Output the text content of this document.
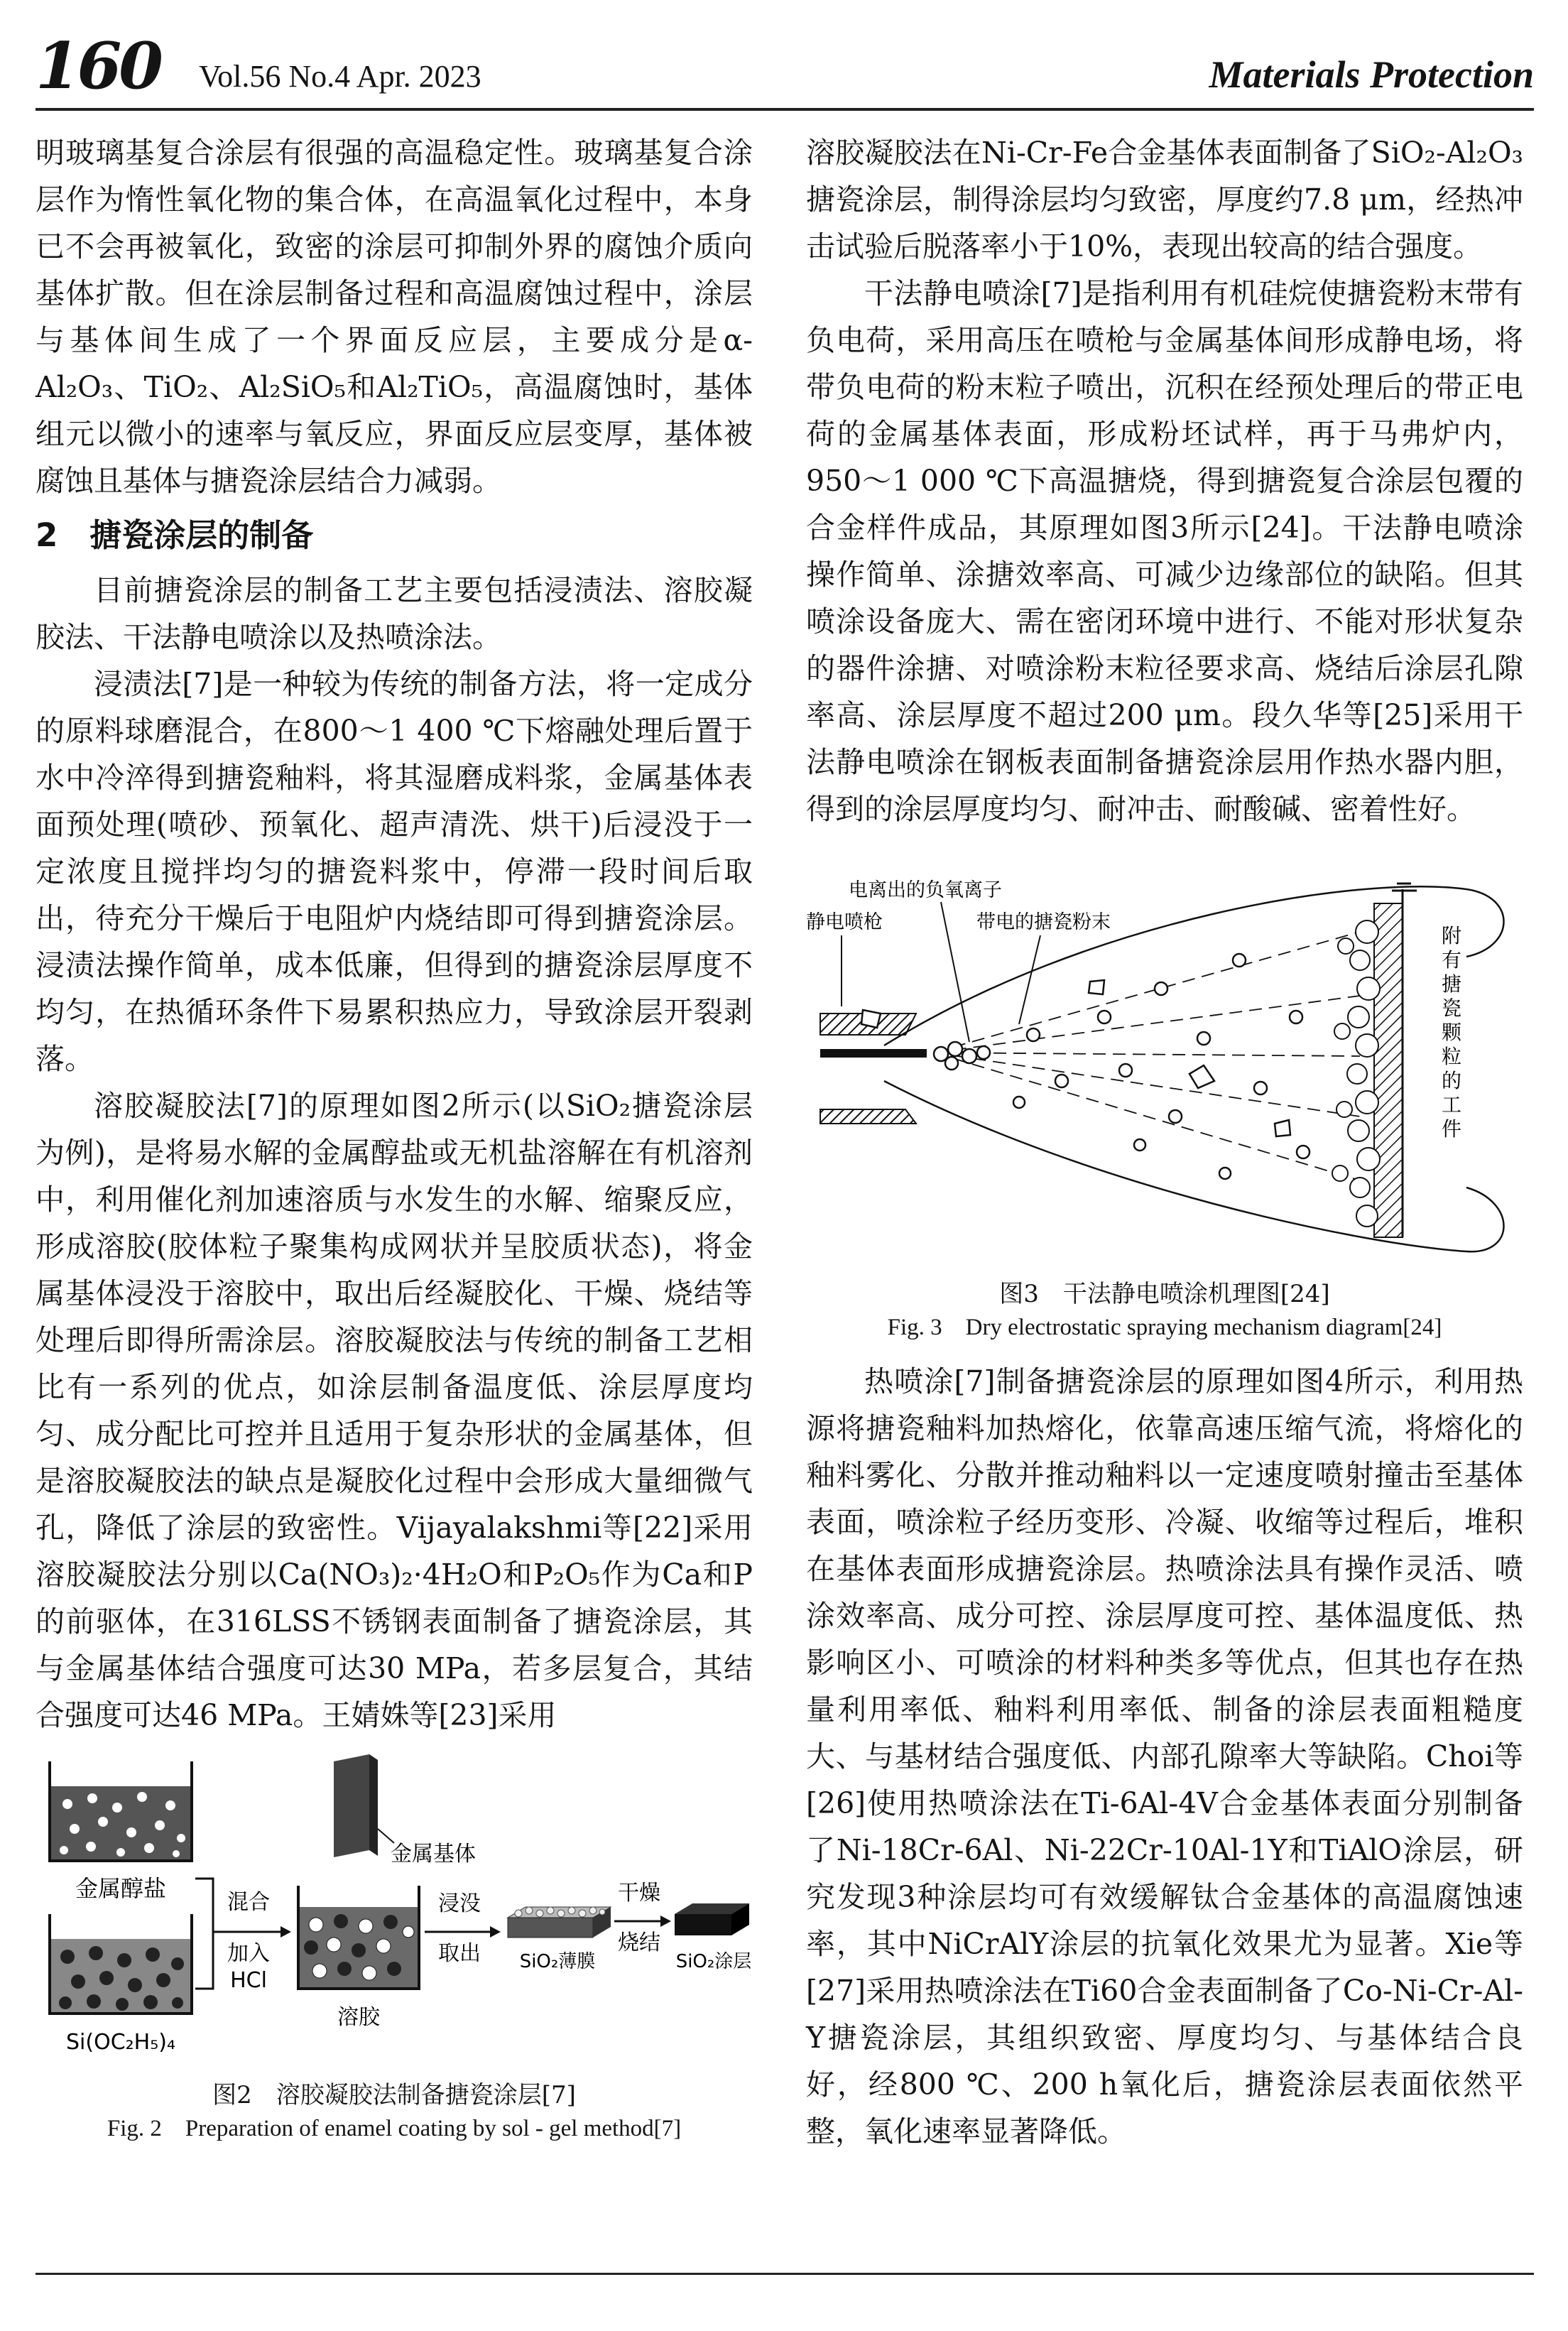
160 Vol.56 No.4 Apr. 2023	Materials Protection

明玻璃基复合涂层有很强的高温稳定性。玻璃基复合涂层作为惰性氧化物的集合体，在高温氧化过程中，本身已不会再被氧化，致密的涂层可抑制外界的腐蚀介质向基体扩散。但在涂层制备过程和高温腐蚀过程中，涂层与基体间生成了一个界面反应层，主要成分是α-Al₂O₃、TiO₂、Al₂SiO₅和Al₂TiO₅，高温腐蚀时，基体组元以微小的速率与氧反应，界面反应层变厚，基体被腐蚀且基体与搪瓷涂层结合力减弱。

2　搪瓷涂层的制备

目前搪瓷涂层的制备工艺主要包括浸渍法、溶胶凝胶法、干法静电喷涂以及热喷涂法。

浸渍法[7]是一种较为传统的制备方法，将一定成分的原料球磨混合，在800～1 400 ℃下熔融处理后置于水中冷淬得到搪瓷釉料，将其湿磨成料浆，金属基体表面预处理(喷砂、预氧化、超声清洗、烘干)后浸没于一定浓度且搅拌均匀的搪瓷料浆中，停滞一段时间后取出，待充分干燥后于电阻炉内烧结即可得到搪瓷涂层。浸渍法操作简单，成本低廉，但得到的搪瓷涂层厚度不均匀，在热循环条件下易累积热应力，导致涂层开裂剥落。

溶胶凝胶法[7]的原理如图2所示(以SiO₂搪瓷涂层为例)，是将易水解的金属醇盐或无机盐溶解在有机溶剂中，利用催化剂加速溶质与水发生的水解、缩聚反应，形成溶胶(胶体粒子聚集构成网状并呈胶质状态)，将金属基体浸没于溶胶中，取出后经凝胶化、干燥、烧结等处理后即得所需涂层。溶胶凝胶法与传统的制备工艺相比有一系列的优点，如涂层制备温度低、涂层厚度均匀、成分配比可控并且适用于复杂形状的金属基体，但是溶胶凝胶法的缺点是凝胶化过程中会形成大量细微气孔，降低了涂层的致密性。Vijayalakshmi等[22]采用溶胶凝胶法分别以Ca(NO₃)₂·4H₂O和P₂O₅作为Ca和P的前驱体，在316LSS不锈钢表面制备了搪瓷涂层，其与金属基体结合强度可达30 MPa，若多层复合，其结合强度可达46 MPa。王婧姝等[23]采用

金属醇盐
Si(OC₂H₅)₄
混合
加入
HCl
金属基体
溶胶
浸没
取出 SiO₂薄膜
干燥
烧结
SiO₂涂层
图2　溶胶凝胶法制备搪瓷涂层[7]
Fig. 2　Preparation of enamel coating by sol - gel method[7]

溶胶凝胶法在Ni-Cr-Fe合金基体表面制备了SiO₂-Al₂O₃搪瓷涂层，制得涂层均匀致密，厚度约7.8 μm，经热冲击试验后脱落率小于10%，表现出较高的结合强度。

干法静电喷涂[7]是指利用有机硅烷使搪瓷粉末带有负电荷，采用高压在喷枪与金属基体间形成静电场，将带负电荷的粉末粒子喷出，沉积在经预处理后的带正电荷的金属基体表面，形成粉坯试样，再于马弗炉内，950～1 000 ℃下高温搪烧，得到搪瓷复合涂层包覆的合金样件成品，其原理如图3所示[24]。干法静电喷涂操作简单、涂搪效率高、可减少边缘部位的缺陷。但其喷涂设备庞大、需在密闭环境中进行、不能对形状复杂的器件涂搪、对喷涂粉末粒径要求高、烧结后涂层孔隙率高、涂层厚度不超过200 μm。段久华等[25]采用干法静电喷涂在钢板表面制备搪瓷涂层用作热水器内胆，得到的涂层厚度均匀、耐冲击、耐酸碱、密着性好。

电离出的负氧离子
静电喷枪	带电的搪瓷粉末
附有搪瓷颗粒的工件
图3　干法静电喷涂机理图[24]
Fig. 3　Dry electrostatic spraying mechanism diagram[24]

热喷涂[7]制备搪瓷涂层的原理如图4所示，利用热源将搪瓷釉料加热熔化，依靠高速压缩气流，将熔化的釉料雾化、分散并推动釉料以一定速度喷射撞击至基体表面，喷涂粒子经历变形、冷凝、收缩等过程后，堆积在基体表面形成搪瓷涂层。热喷涂法具有操作灵活、喷涂效率高、成分可控、涂层厚度可控、基体温度低、热影响区小、可喷涂的材料种类多等优点，但其也存在热量利用率低、釉料利用率低、制备的涂层表面粗糙度大、与基材结合强度低、内部孔隙率大等缺陷。Choi等[26]使用热喷涂法在Ti-6Al-4V合金基体表面分别制备了Ni-18Cr-6Al、Ni-22Cr-10Al-1Y和TiAlO涂层，研究发现3种涂层均可有效缓解钛合金基体的高温腐蚀速率，其中NiCrAlY涂层的抗氧化效果尤为显著。Xie等[27]采用热喷涂法在Ti60合金表面制备了Co-Ni-Cr-Al-Y搪瓷涂层，其组织致密、厚度均匀、与基体结合良好，经800 ℃、200 h氧化后，搪瓷涂层表面依然平整，氧化速率显著降低。
